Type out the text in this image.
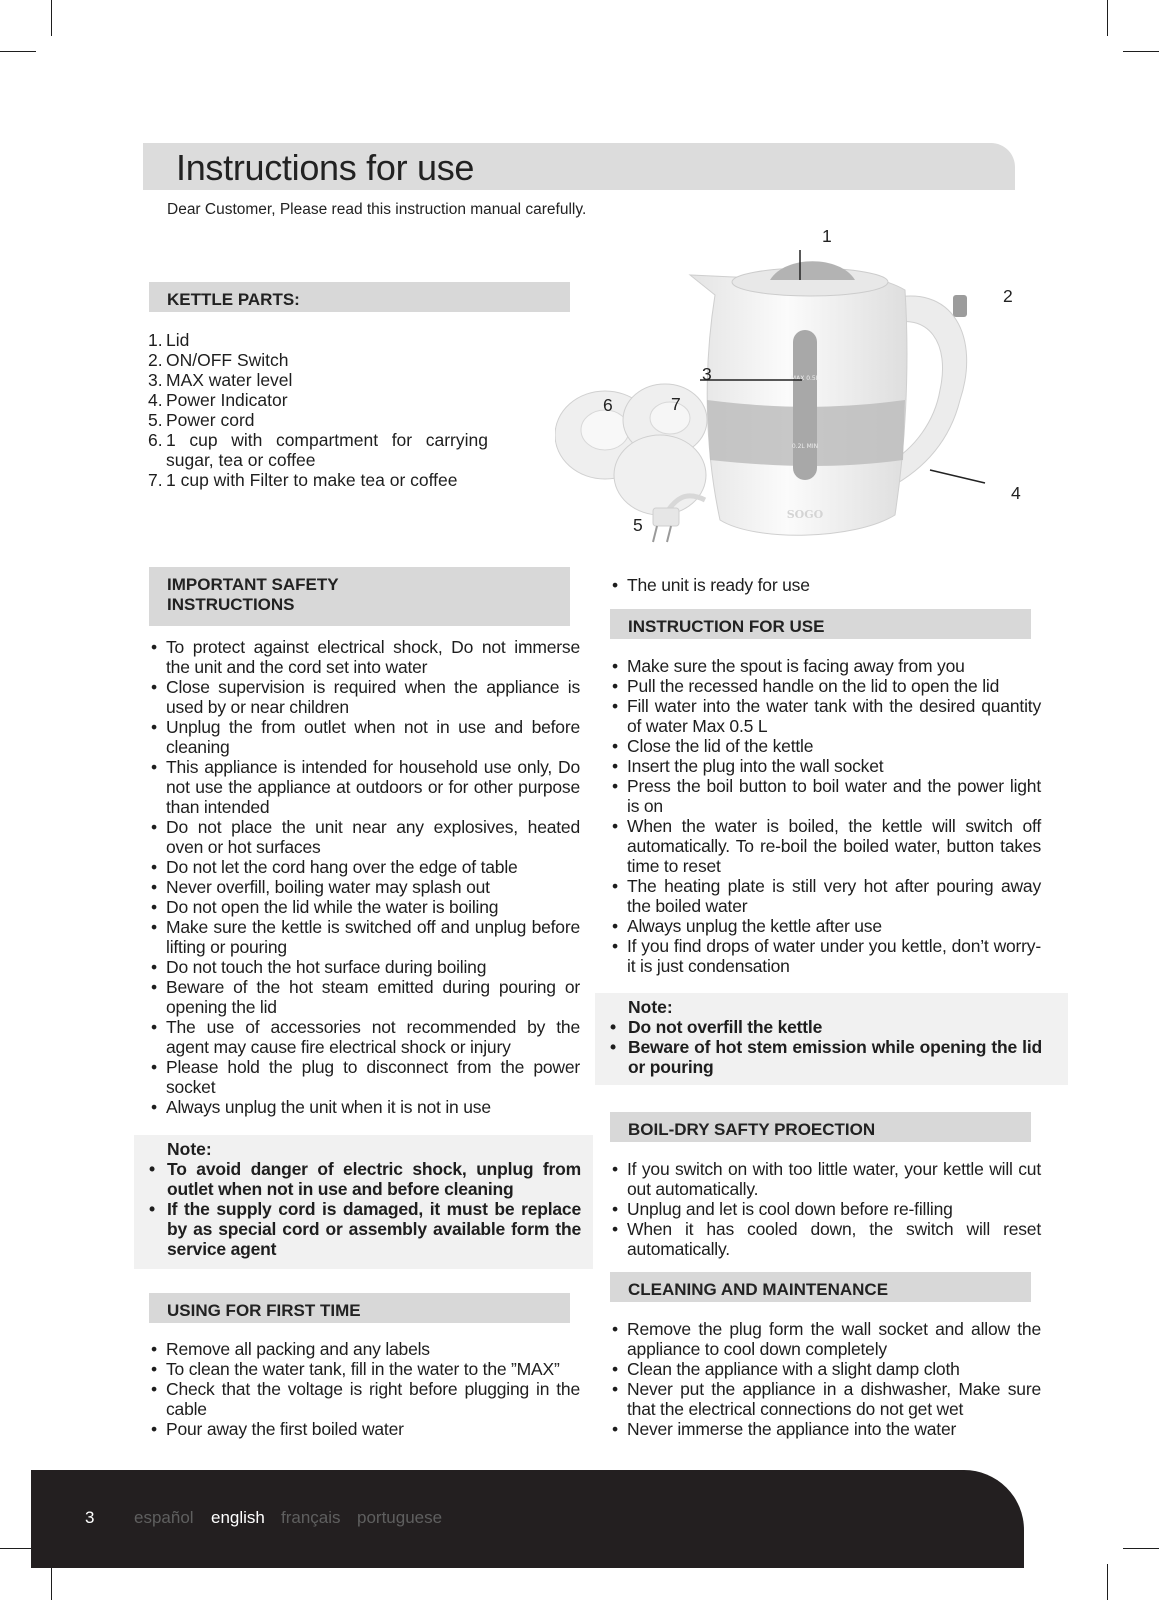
Instructions for use
Dear Customer, Please read this instruction manual carefully.
KETTLE PARTS:
1. Lid
2. ON/OFF Switch
3. MAX water level
4. Power Indicator
5. Power cord
6. 1 cup with compartment for carrying sugar, tea or coffee
7. 1 cup with Filter to make tea or coffee
MAX 0.5L
0.2L MIN
SOGO
1
2
3
4
5
6	7
IMPORTANT SAFETY INSTRUCTIONS
• To protect against electrical shock, Do not immerse the unit and the cord set into water
• Close supervision is required when the appliance is used by or near children
• Unplug the from outlet when not in use and before cleaning
• This appliance is intended for household use only, Do not use the appliance at outdoors or for other purpose than intended
• Do not place the unit near any explosives, heated oven or hot surfaces
• Do not let the cord hang over the edge of table
• Never overfill, boiling water may splash out
• Do not open the lid while the water is boiling
• Make sure the kettle is switched off and unplug before lifting or pouring
• Do not touch the hot surface during boiling
• Beware of the hot steam emitted during pouring or opening the lid
• The use of accessories not recommended by the agent may cause fire electrical shock or injury
• Please hold the plug to disconnect from the power socket
• Always unplug the unit when it is not in use
Note:
• To avoid danger of electric shock, unplug from outlet when not in use and before cleaning
• If the supply cord is damaged, it must be replace by as special cord or assembly available form the service agent
USING FOR FIRST TIME
• Remove all packing and any labels
• To clean the water tank, fill in the water to the ”MAX”
• Check that the voltage is right before plugging in the cable
• Pour away the first boiled water
• The unit is ready for use
INSTRUCTION FOR USE
• Make sure the spout is facing away from you
• Pull the recessed handle on the lid to open the lid
• Fill water into the water tank with the desired quantity of water Max 0.5 L
• Close the lid of the kettle
• Insert the plug into the wall socket
• Press the boil button to boil water and the power light is on
• When the water is boiled, the kettle will switch off automatically. To re-boil the boiled water, button takes time to reset
• The heating plate is still very hot after pouring away the boiled water
• Always unplug the kettle after use
• If you find drops of water under you kettle, don’t worry-it is just condensation
Note:
• Do not overfill the kettle
• Beware of hot stem emission while opening the lid or pouring
BOIL-DRY SAFTY PROECTION
• If you switch on with too little water, your kettle will cut out automatically.
• Unplug and let is cool down before re-filling
• When it has cooled down, the switch will reset automatically.
CLEANING AND MAINTENANCE
• Remove the plug form the wall socket and allow the appliance to cool down completely
• Clean the appliance with a slight damp cloth
• Never put the appliance in a dishwasher, Make sure that the electrical connections do not get wet
• Never immerse the appliance into the water
3 español english français portuguese
